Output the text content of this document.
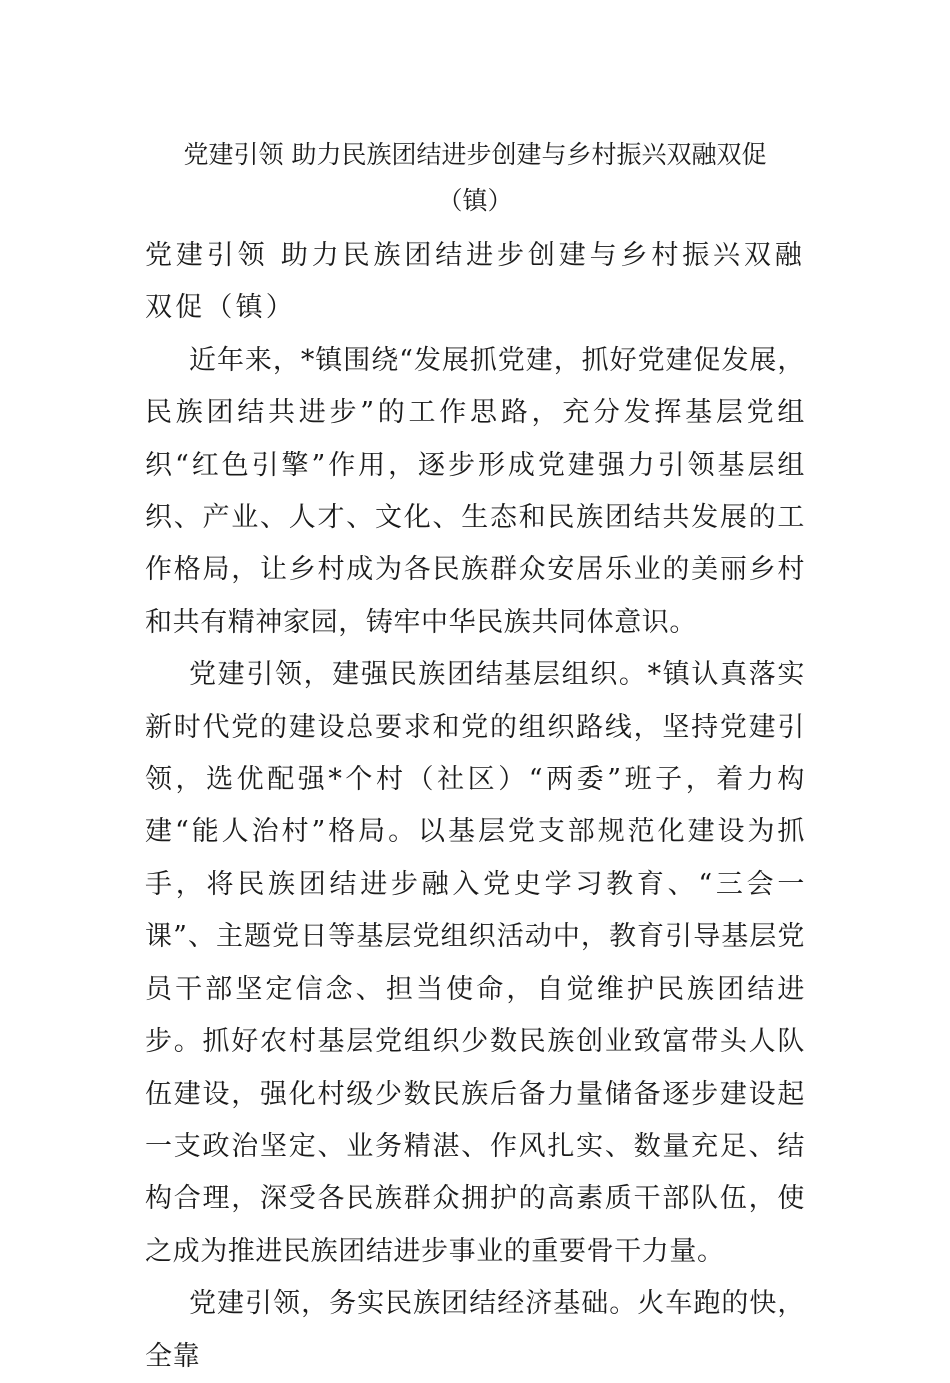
党建引领 助力民族团结进步创建与乡村振兴双融双促
（镇）

党建引领 助力民族团结进步创建与乡村振兴双融双促（镇）

近年来，*镇围绕“发展抓党建，抓好党建促发展，民族团结共进步”的工作思路，充分发挥基层党组织“红色引擎”作用，逐步形成党建强力引领基层组织、产业、人才、文化、生态和民族团结共发展的工作格局，让乡村成为各民族群众安居乐业的美丽乡村和共有精神家园，铸牢中华民族共同体意识。

党建引领，建强民族团结基层组织。*镇认真落实新时代党的建设总要求和党的组织路线，坚持党建引领，选优配强*个村（社区）“两委”班子，着力构建“能人治村”格局。以基层党支部规范化建设为抓手，将民族团结进步融入党史学习教育、“三会一课”、主题党日等基层党组织活动中，教育引导基层党员干部坚定信念、担当使命，自觉维护民族团结进步。抓好农村基层党组织少数民族创业致富带头人队伍建设，强化村级少数民族后备力量储备逐步建设起一支政治坚定、业务精湛、作风扎实、数量充足、结构合理，深受各民族群众拥护的高素质干部队伍，使之成为推进民族团结进步事业的重要骨干力量。

党建引领，务实民族团结经济基础。火车跑的快，全靠
